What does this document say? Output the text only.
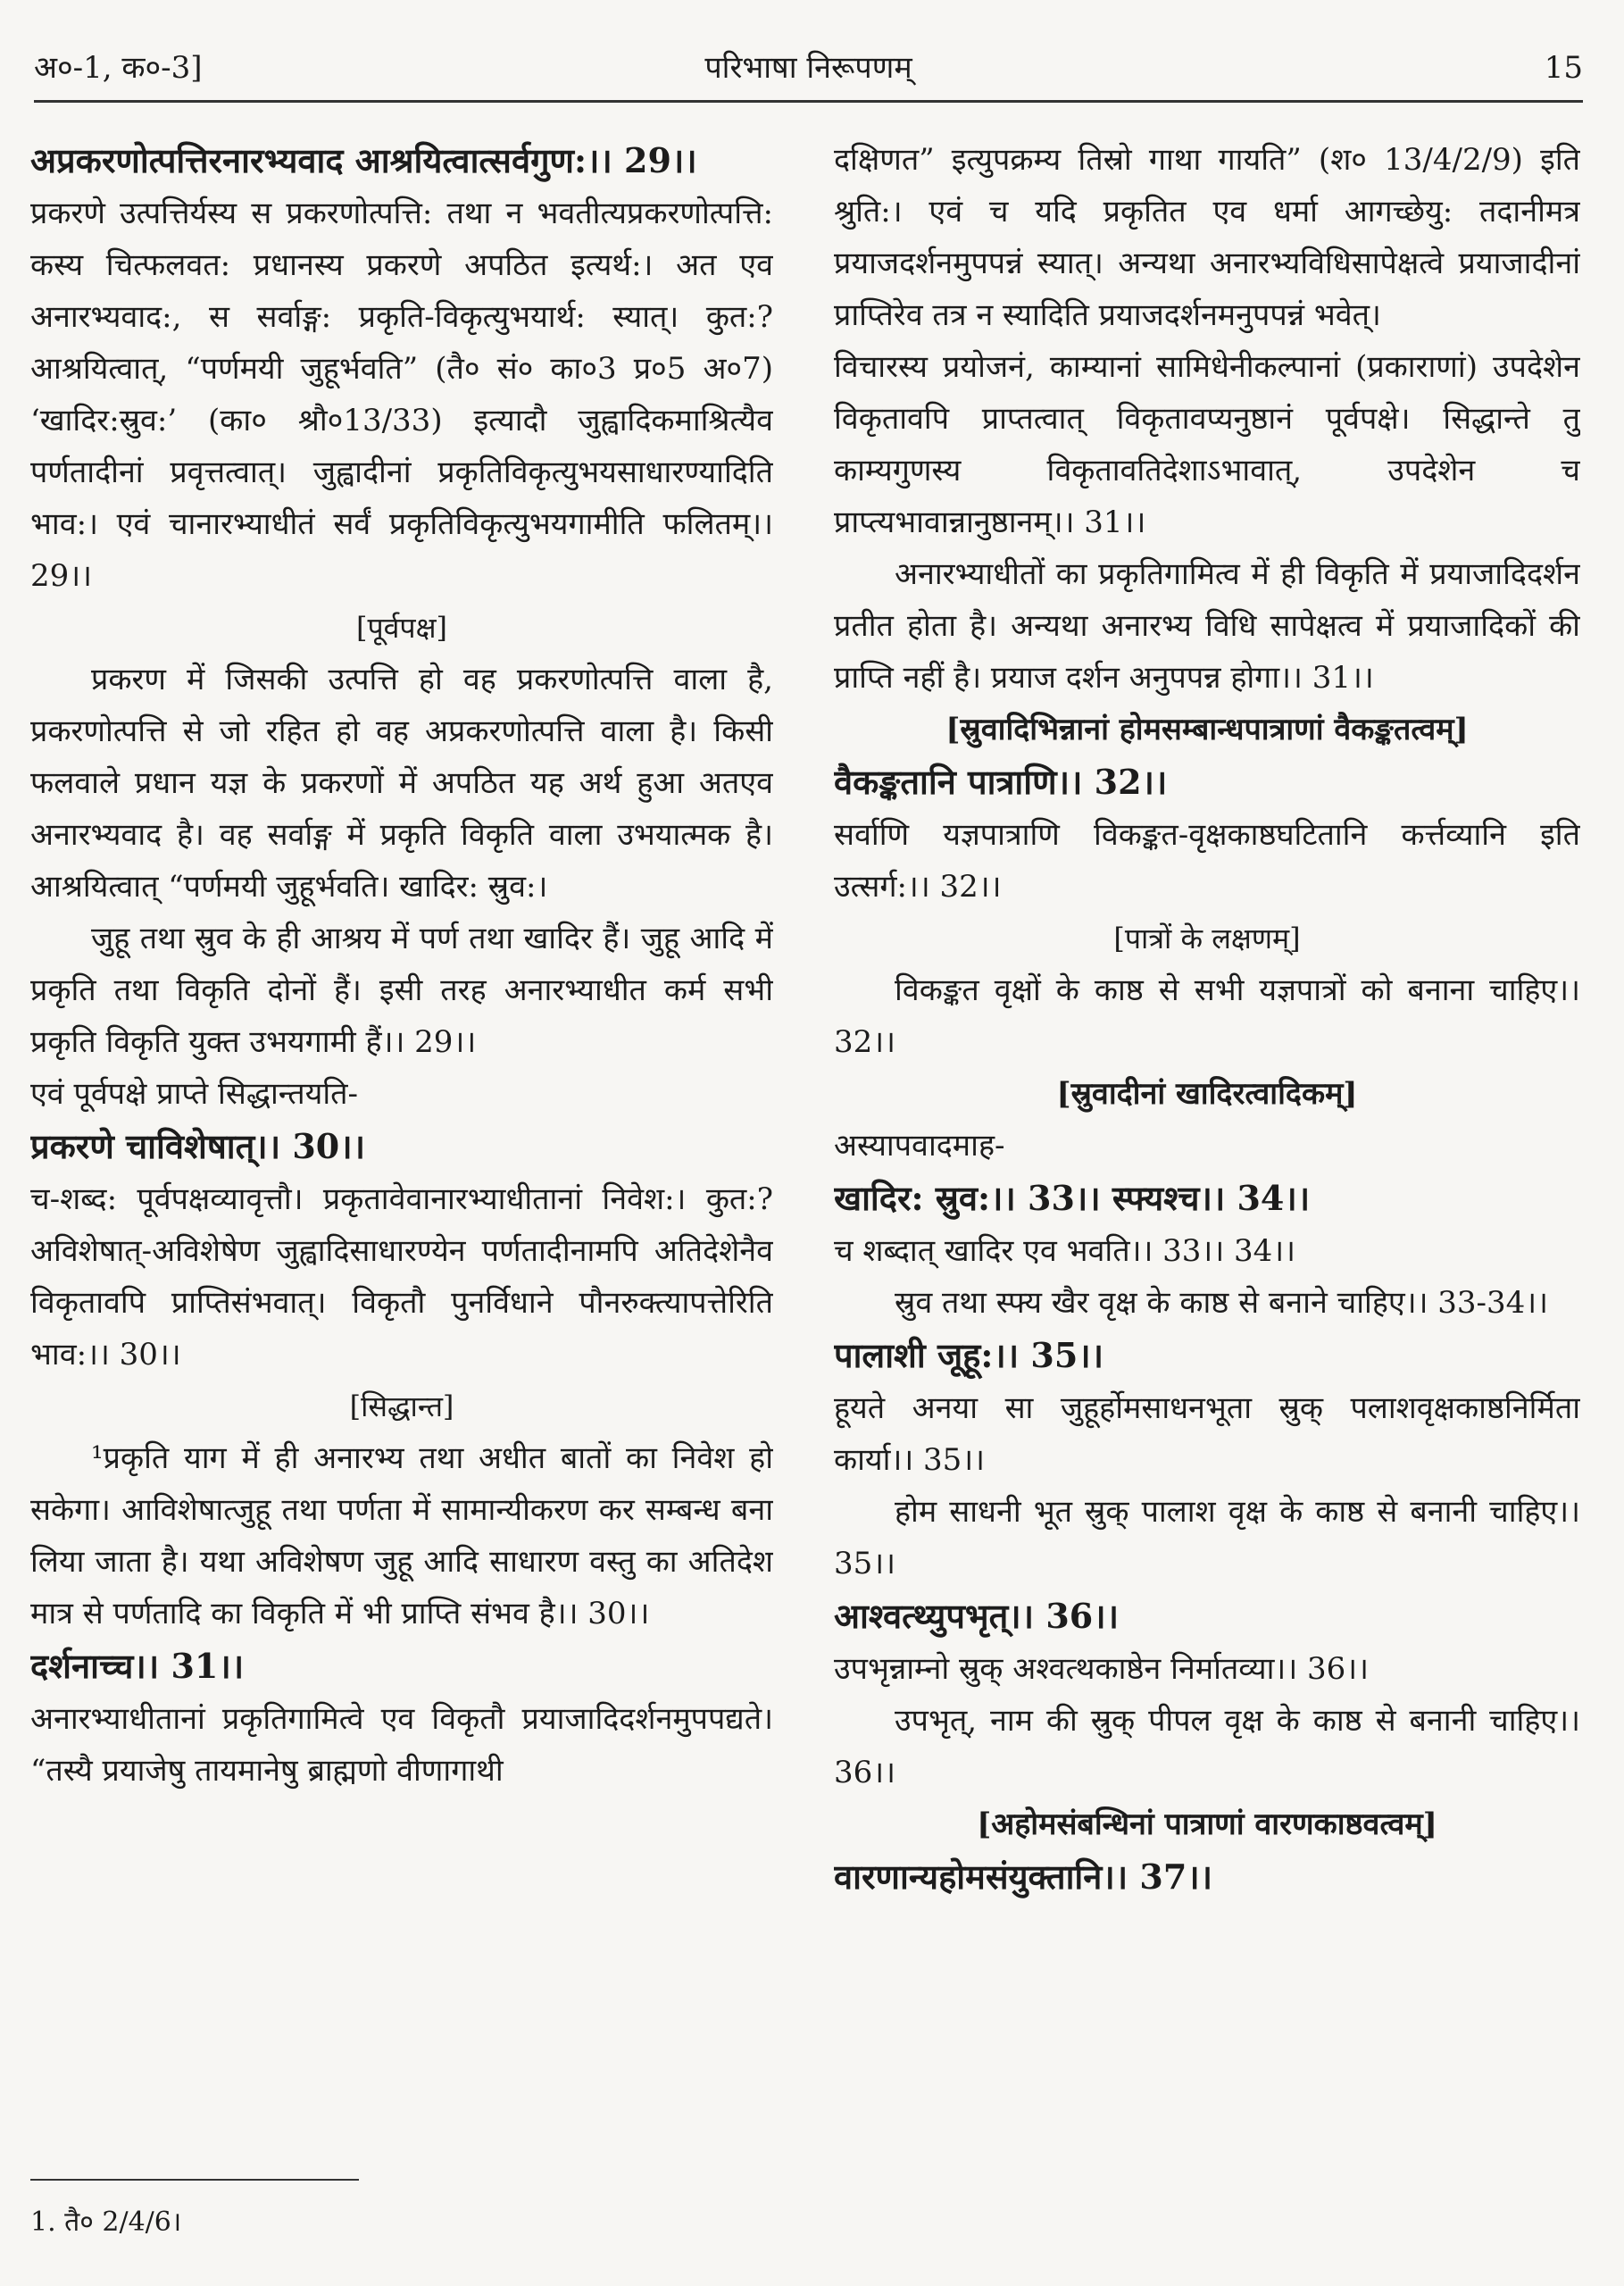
अ०-1, क०-3]	परिभाषा निरूपणम्	15

अप्रकरणोत्पत्तिरनारभ्यवाद आश्रयित्वात्सर्वगुण:।। 29।।

प्रकरणे उत्पत्तिर्यस्य स प्रकरणोत्पत्ति: तथा न भवतीत्यप्रकरणोत्पत्ति: कस्य चित्फलवत: प्रधानस्य प्रकरणे अपठित इत्यर्थ:। अत एव अनारभ्यवाद:, स सर्वाङ्ग: प्रकृति-विकृत्युभयार्थ: स्यात्। कुत:? आश्रयित्वात्, “पर्णमयी जुहूर्भवति” (तै० सं० का०3 प्र०5 अ०7) ‘खादिर:स्रुव:’ (का० श्रौ०13/33) इत्यादौ जुह्वादिकमाश्रित्यैव पर्णतादीनां प्रवृत्तत्वात्। जुह्वादीनां प्रकृतिविकृत्युभयसाधारण्यादिति भाव:। एवं चानारभ्याधीतं सर्वं प्रकृतिविकृत्युभयगामीति फलितम्।। 29।।

[पूर्वपक्ष]

प्रकरण में जिसकी उत्पत्ति हो वह प्रकरणोत्पत्ति वाला है, प्रकरणोत्पत्ति से जो रहित हो वह अप्रकरणोत्पत्ति वाला है। किसी फलवाले प्रधान यज्ञ के प्रकरणों में अपठित यह अर्थ हुआ अतएव अनारभ्यवाद है। वह सर्वाङ्ग में प्रकृति विकृति वाला उभयात्मक है। आश्रयित्वात् “पर्णमयी जुहूर्भवति। खादिर: स्रुव:।

जुहू तथा स्रुव के ही आश्रय में पर्ण तथा खादिर हैं। जुहू आदि में प्रकृति तथा विकृति दोनों हैं। इसी तरह अनारभ्याधीत कर्म सभी प्रकृति विकृति युक्त उभयगामी हैं।। 29।।

एवं पूर्वपक्षे प्राप्ते सिद्धान्तयति-

प्रकरणे चाविशेषात्।। 30।।

च-शब्द: पूर्वपक्षव्यावृत्तौ। प्रकृतावेवानारभ्याधीतानां निवेश:। कुत:? अविशेषात्-अविशेषेण जुह्वादिसाधारण्येन पर्णतादीनामपि अतिदेशेनैव विकृतावपि प्राप्तिसंभवात्। विकृतौ पुनर्विधाने पौनरुक्त्यापत्तेरिति भाव:।। 30।।

[सिद्धान्त]

¹प्रकृति याग में ही अनारभ्य तथा अधीत बातों का निवेश हो सकेगा। आविशेषात्जुहू तथा पर्णता में सामान्यीकरण कर सम्बन्ध बना लिया जाता है। यथा अविशेषण जुहू आदि साधारण वस्तु का अतिदेश मात्र से पर्णतादि का विकृति में भी प्राप्ति संभव है।। 30।।

दर्शनाच्च।। 31।।

अनारभ्याधीतानां प्रकृतिगामित्वे एव विकृतौ प्रयाजादिदर्शनमुपपद्यते। “तस्यै प्रयाजेषु तायमानेषु ब्राह्मणो वीणागाथी

दक्षिणत” इत्युपक्रम्य तिस्रो गाथा गायति” (श० 13/4/2/9) इति श्रुति:। एवं च यदि प्रकृतित एव धर्मा आगच्छेयु: तदानीमत्र प्रयाजदर्शनमुपपन्नं स्यात्। अन्यथा अनारभ्यविधिसापेक्षत्वे प्रयाजादीनां प्राप्तिरेव तत्र न स्यादिति प्रयाजदर्शनमनुपपन्नं भवेत्।

विचारस्य प्रयोजनं, काम्यानां सामिधेनीकल्पानां (प्रकाराणां) उपदेशेन विकृतावपि प्राप्तत्वात् विकृतावप्यनुष्ठानं पूर्वपक्षे। सिद्धान्ते तु काम्यगुणस्य विकृतावतिदेशाऽभावात्, उपदेशेन च प्राप्त्यभावान्नानुष्ठानम्।। 31।।

अनारभ्याधीतों का प्रकृतिगामित्व में ही विकृति में प्रयाजादिदर्शन प्रतीत होता है। अन्यथा अनारभ्य विधि सापेक्षत्व में प्रयाजादिकों की प्राप्ति नहीं है। प्रयाज दर्शन अनुपपन्न होगा।। 31।।

[स्रुवादिभिन्नानां होमसम्बान्धपात्राणां वैकङ्कतत्वम्]

वैकङ्कतानि पात्राणि।। 32।।

सर्वाणि यज्ञपात्राणि विकङ्कत-वृक्षकाष्ठघटितानि कर्त्तव्यानि इति उत्सर्ग:।। 32।।

[पात्रों के लक्षणम्]

विकङ्कत वृक्षों के काष्ठ से सभी यज्ञपात्रों को बनाना चाहिए।। 32।।

[स्रुवादीनां खादिरत्वादिकम्]

अस्यापवादमाह-

खादिर: स्रुव:।। 33।। स्फ्यश्च।। 34।।

च शब्दात् खादिर एव भवति।। 33।। 34।।

स्रुव तथा स्फ्य खैर वृक्ष के काष्ठ से बनाने चाहिए।। 33-34।।

पालाशी जूहू:।। 35।।

हूयते अनया सा जुहूर्होमसाधनभूता स्रुक् पलाशवृक्षकाष्ठनिर्मिता कार्या।। 35।।

होम साधनी भूत स्रुक् पालाश वृक्ष के काष्ठ से बनानी चाहिए।। 35।।

आश्वत्थ्युपभृत्।। 36।।

उपभृन्नाम्नो स्रुक् अश्वत्थकाष्ठेन निर्मातव्या।। 36।।

उपभृत्, नाम की स्रुक् पीपल वृक्ष के काष्ठ से बनानी चाहिए।। 36।।

[अहोमसंबन्धिनां पात्राणां वारणकाष्ठवत्वम्]

वारणान्यहोमसंयुक्तानि।। 37।।

1. तै० 2/4/6।
